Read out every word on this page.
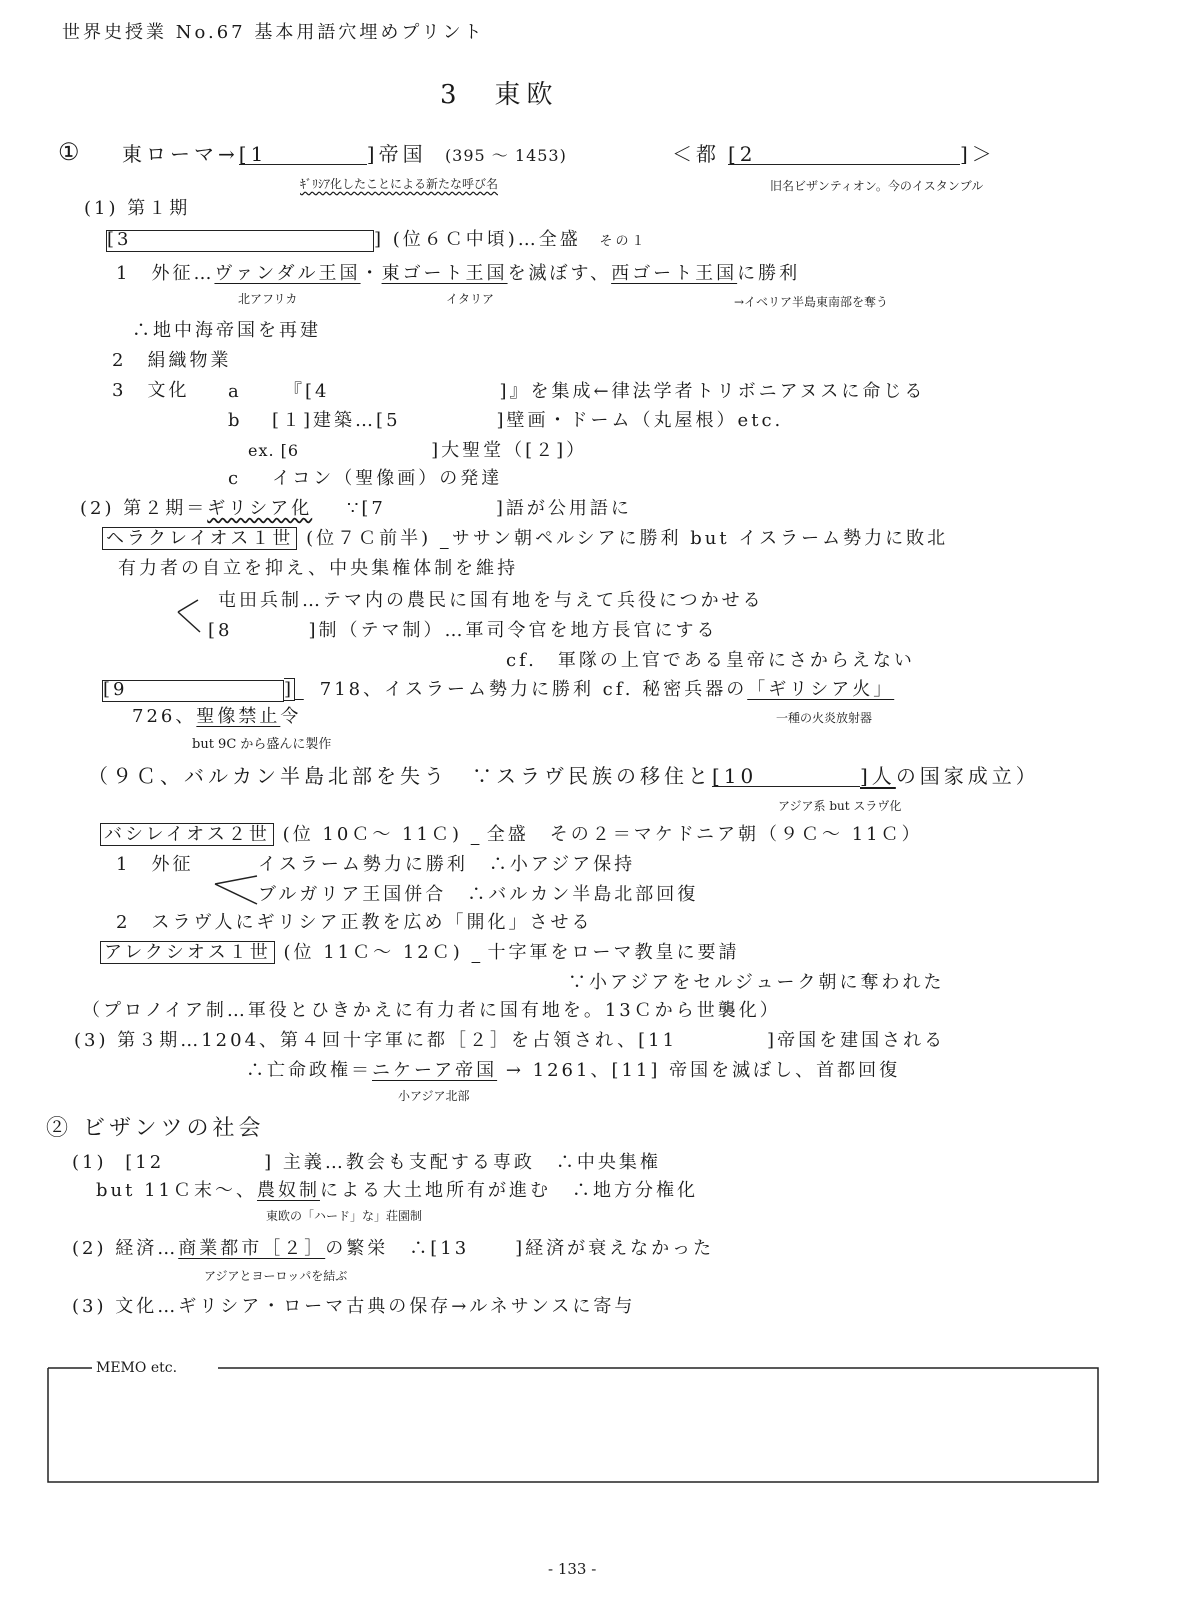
世界史授業 No.67 基本用語穴埋めプリント
3　東欧
① 東ローマ→[1	]帝国 (395 ～ 1453)	＜都 [2	]＞
ｷﾞﾘｼｱ化したことによる新たな呼び名	旧名ビザンティオン。今のイスタンブル
(1) 第１期
[3	] (位６Ｃ中頃)…全盛 その１
1　外征…ヴァンダル王国・東ゴート王国を滅ぼす、西ゴート王国に勝利
北アフリカ	イタリア	→イベリア半島東南部を奪う
∴地中海帝国を再建
2　絹織物業
3　文化 a 『[4	]』を集成←律法学者トリボニアヌスに命じる
b [１]建築…[5	]壁画・ドーム（丸屋根）etc.
ex. [6	]大聖堂（[２]）
c イコン（聖像画）の発達
(2) 第２期＝ギリシア化 ∵[7	]語が公用語に
ヘラクレイオス１世 (位７Ｃ前半) ササン朝ペルシアに勝利 but イスラーム勢力に敗北
有力者の自立を抑え、中央集権体制を維持
屯田兵制…テマ内の農民に国有地を与えて兵役につかせる
[8	]制（テマ制）…軍司令官を地方長官にする
cf.　軍隊の上官である皇帝にさからえない
[9	] 718、イスラーム勢力に勝利 cf. 秘密兵器の「ギリシア火」
一種の火炎放射器
726、聖像禁止令
but 9C から盛んに製作
（９Ｃ、バルカン半島北部を失う　∵スラヴ民族の移住と[10	]人の国家成立）
アジア系 but スラヴ化
バシレイオス２世 (位 10Ｃ～ 11Ｃ) 全盛　その２＝マケドニア朝（９Ｃ～ 11Ｃ）
1　外征	イスラーム勢力に勝利　∴小アジア保持
ブルガリア王国併合　∴バルカン半島北部回復
2　スラヴ人にギリシア正教を広め「開化」させる
アレクシオス１世 (位 11Ｃ～ 12Ｃ) 十字軍をローマ教皇に要請
∵小アジアをセルジューク朝に奪われた
（プロノイア制…軍役とひきかえに有力者に国有地を。13Ｃから世襲化）
(3) 第３期…1204、第４回十字軍に都［２］を占領され、[11	]帝国を建国される
∴亡命政権＝ニケーア帝国 → 1261、[11] 帝国を滅ぼし、首都回復
小アジア北部
② ビザンツの社会
(1) [12	] 主義…教会も支配する専政　∴中央集権
but 11Ｃ末～、農奴制による大土地所有が進む　∴地方分権化
東欧の「ハード」な」荘園制
(2) 経済…商業都市［２］の繁栄　∴[13	]経済が衰えなかった
アジアとヨーロッパを結ぶ
(3) 文化…ギリシア・ローマ古典の保存→ルネサンスに寄与
MEMO etc.
- 133 -
